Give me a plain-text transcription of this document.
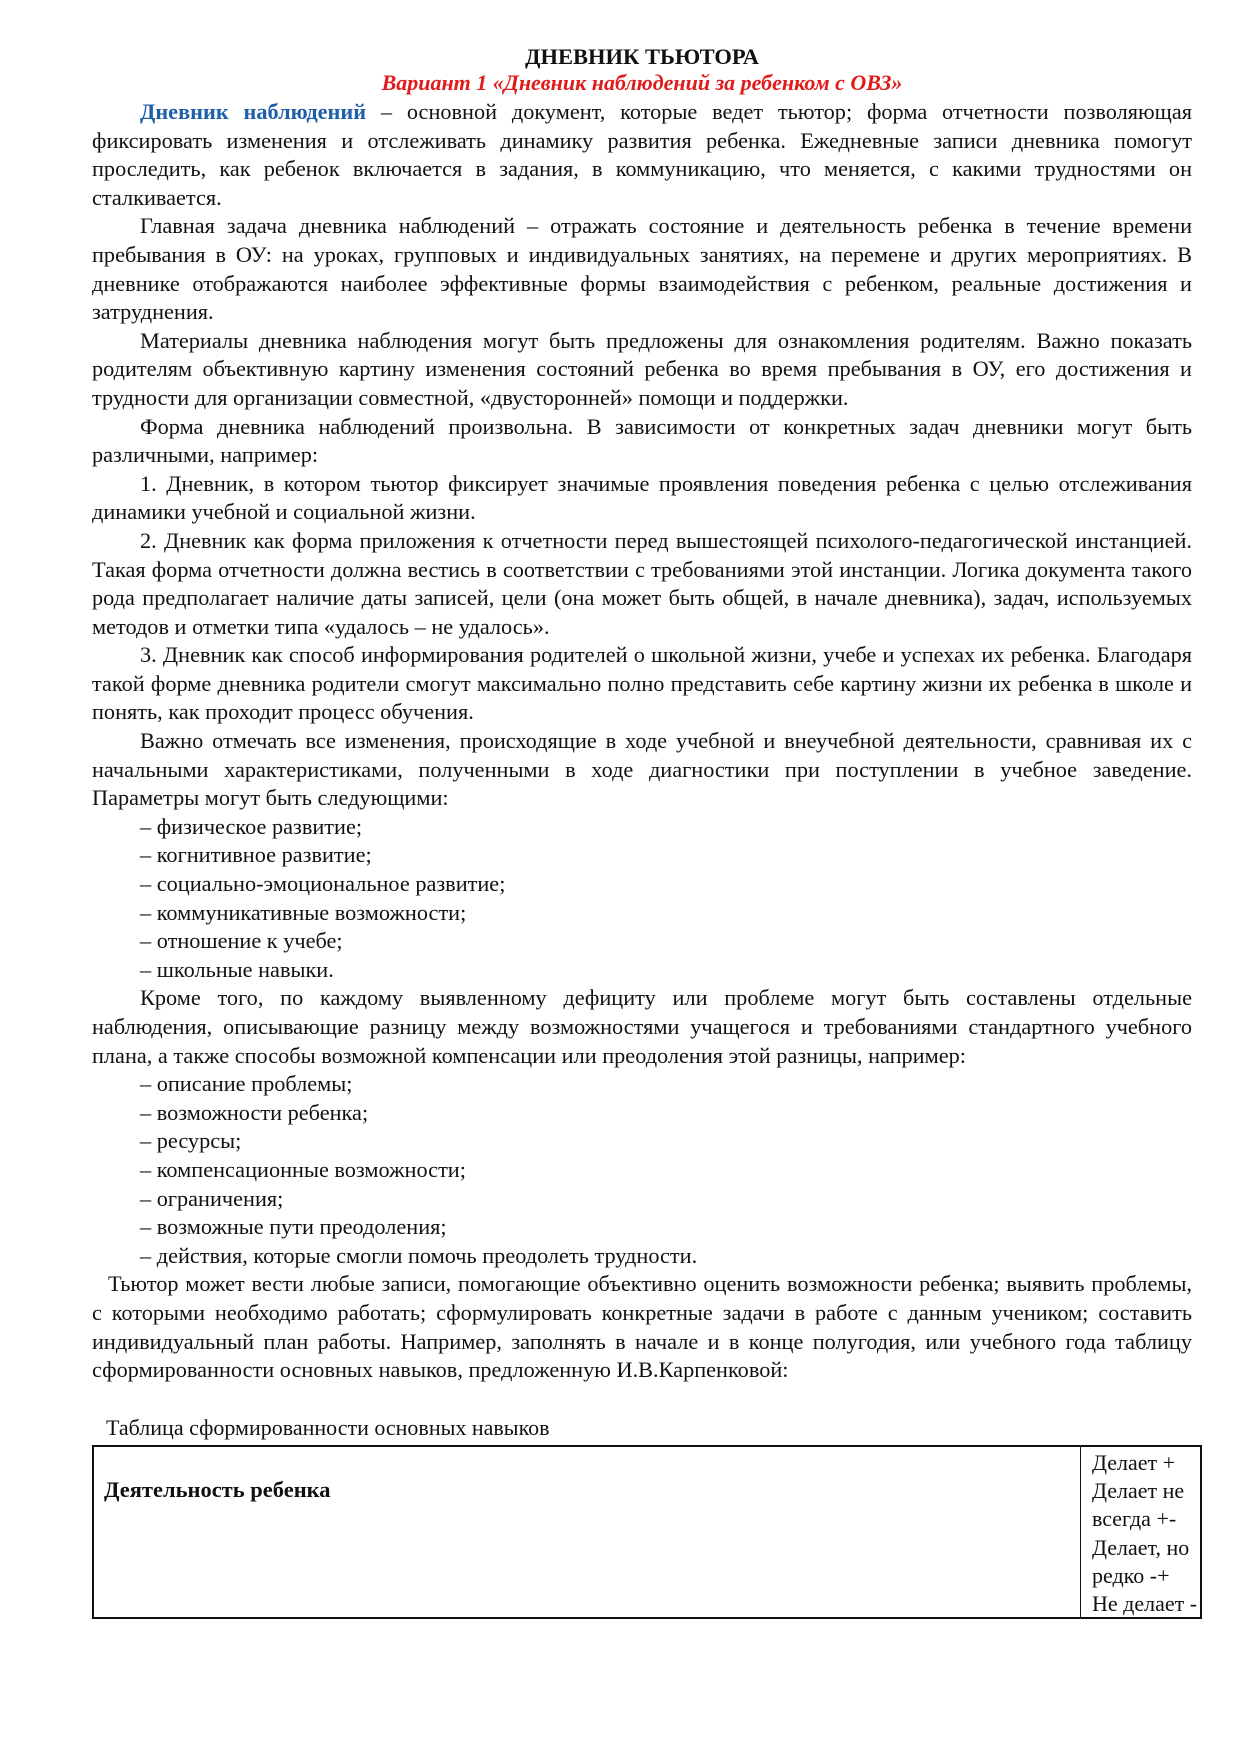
ДНЕВНИК ТЬЮТОРА

Вариант 1 «Дневник наблюдений за ребенком с ОВЗ»

Дневник наблюдений – основной документ, которые ведет тьютор; форма отчетности позволяющая фиксировать изменения и отслеживать динамику развития ребенка. Ежедневные записи дневника помогут проследить, как ребенок включается в задания, в коммуникацию, что меняется, с какими трудностями он сталкивается.

Главная задача дневника наблюдений – отражать состояние и деятельность ребенка в течение времени пребывания в ОУ: на уроках, групповых и индивидуальных занятиях, на перемене и других мероприятиях. В дневнике отображаются наиболее эффективные формы взаимодействия с ребенком, реальные достижения и затруднения.

Материалы дневника наблюдения могут быть предложены для ознакомления родителям. Важно показать родителям объективную картину изменения состояний ребенка во время пребывания в ОУ, его достижения и трудности для организации совместной, «двусторонней» помощи и поддержки.

Форма дневника наблюдений произвольна. В зависимости от конкретных задач дневники могут быть различными, например:

1. Дневник, в котором тьютор фиксирует значимые проявления поведения ребенка с целью отслеживания динамики учебной и социальной жизни.

2. Дневник как форма приложения к отчетности перед вышестоящей психолого-педагогической инстанцией. Такая форма отчетности должна вестись в соответствии с требованиями этой инстанции. Логика документа такого рода предполагает наличие даты записей, цели (она может быть общей, в начале дневника), задач, используемых методов и отметки типа «удалось – не удалось».

3. Дневник как способ информирования родителей о школьной жизни, учебе и успехах их ребенка. Благодаря такой форме дневника родители смогут максимально полно представить себе картину жизни их ребенка в школе и понять, как проходит процесс обучения.

Важно отмечать все изменения, происходящие в ходе учебной и внеучебной деятельности, сравнивая их с начальными характеристиками, полученными в ходе диагностики при поступлении в учебное заведение. Параметры могут быть следующими:

– физическое развитие;
– когнитивное развитие;
– социально-эмоциональное развитие;
– коммуникативные возможности;
– отношение к учебе;
– школьные навыки.

Кроме того, по каждому выявленному дефициту или проблеме могут быть составлены отдельные наблюдения, описывающие разницу между возможностями учащегося и требованиями стандартного учебного плана, а также способы возможной компенсации или преодоления этой разницы, например:

– описание проблемы;
– возможности ребенка;
– ресурсы;
– компенсационные возможности;
– ограничения;
– возможные пути преодоления;
– действия, которые смогли помочь преодолеть трудности.

Тьютор может вести любые записи, помогающие объективно оценить возможности ребенка; выявить проблемы, с которыми необходимо работать; сформулировать конкретные задачи в работе с данным учеником; составить индивидуальный план работы. Например, заполнять в начале и в конце полугодия, или учебного года таблицу сформированности основных навыков, предложенную И.В.Карпенковой:

Таблица сформированности основных навыков

Деятельность ребенка
Делает +
Делает не
всегда +-
Делает, но
редко -+
Не делает -
